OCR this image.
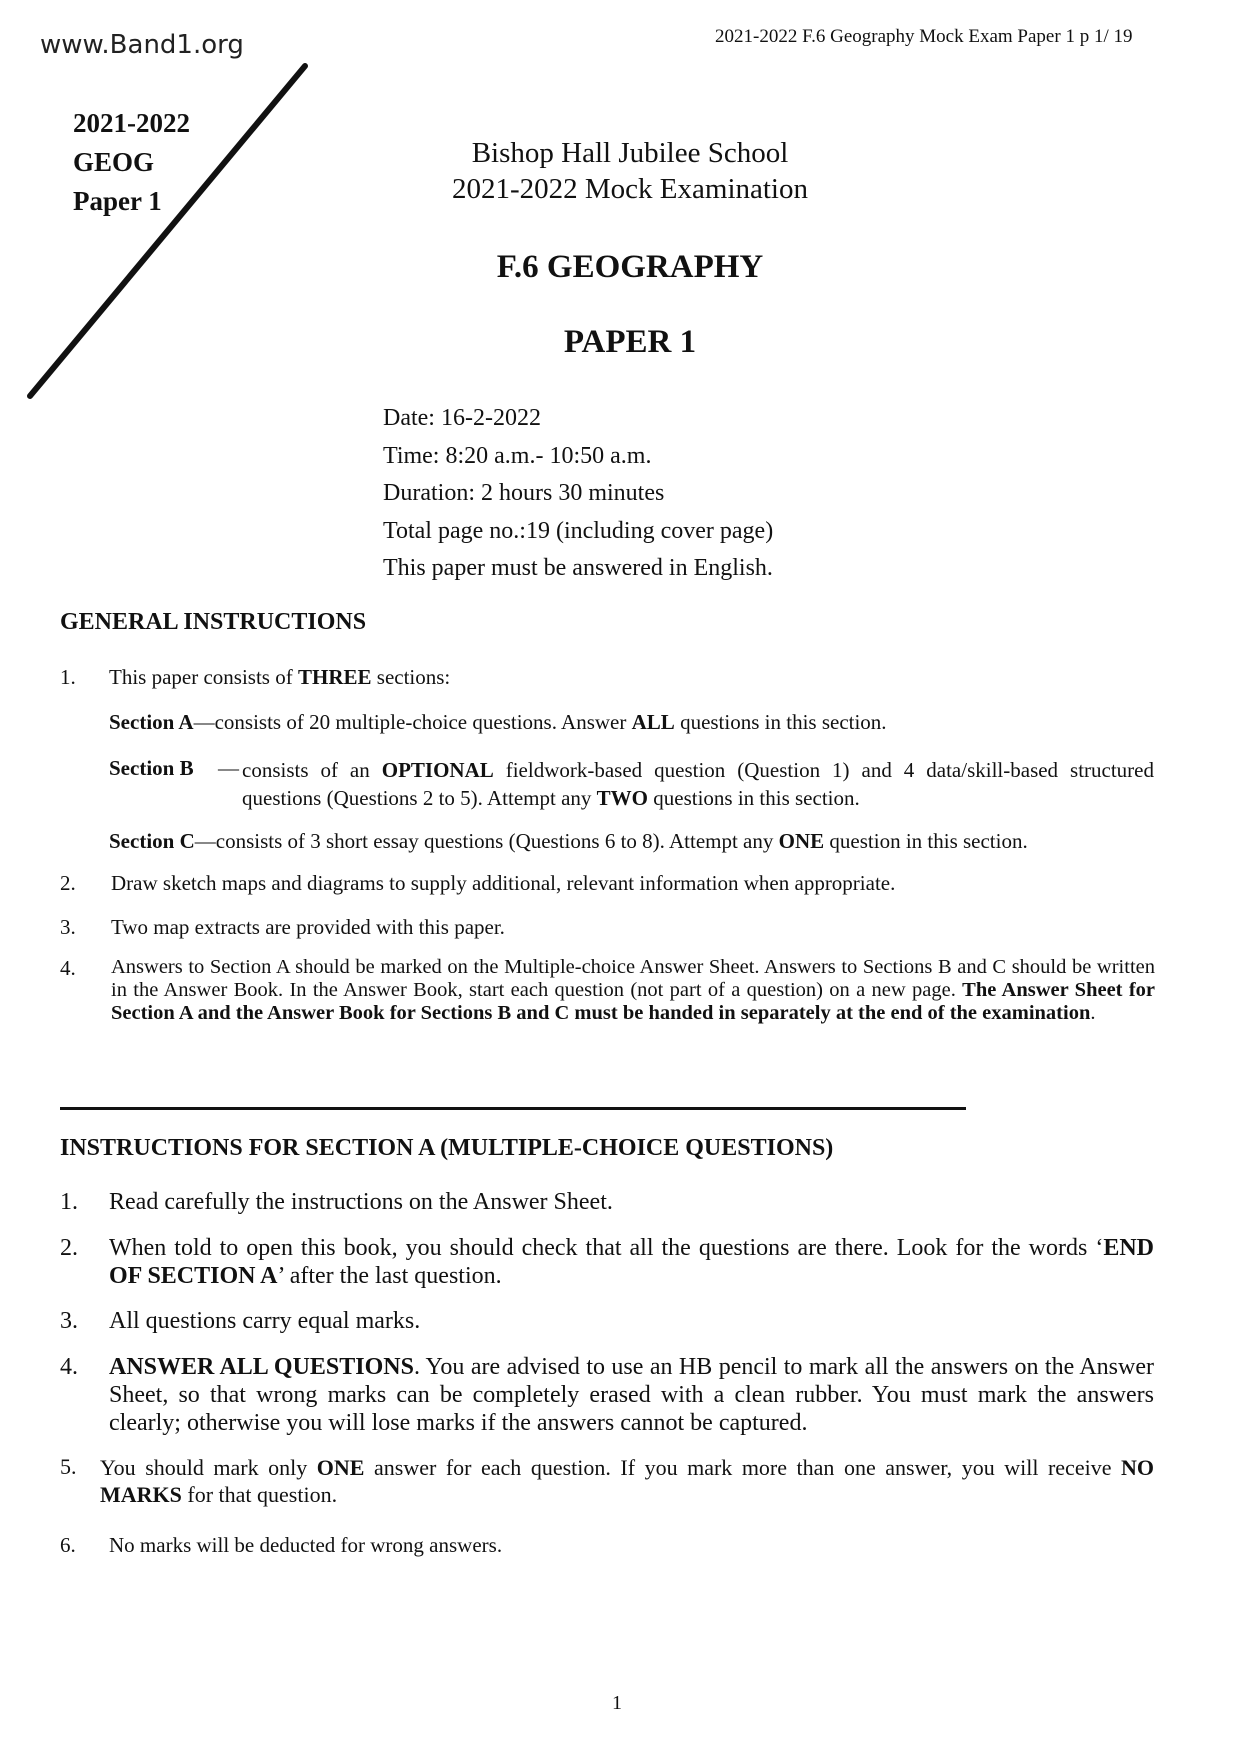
www.Band1.org	2021-2022 F.6 Geography Mock Exam Paper 1 p 1/ 19
2021-2022
GEOG
Paper 1
Bishop Hall Jubilee School
2021-2022 Mock Examination
F.6 GEOGRAPHY
PAPER 1
Date: 16-2-2022
Time: 8:20 a.m.- 10:50 a.m.
Duration: 2 hours 30 minutes
Total page no.:19 (including cover page)
This paper must be answered in English.
GENERAL INSTRUCTIONS
1. This paper consists of THREE sections:
Section A—consists of 20 multiple-choice questions. Answer ALL questions in this section.
Section B — consists of an OPTIONAL fieldwork-based question (Question 1) and 4 data/skill-based structured questions (Questions 2 to 5). Attempt any TWO questions in this section.
Section C—consists of 3 short essay questions (Questions 6 to 8). Attempt any ONE question in this section.
2. Draw sketch maps and diagrams to supply additional, relevant information when appropriate.
3. Two map extracts are provided with this paper.
4. Answers to Section A should be marked on the Multiple-choice Answer Sheet. Answers to Sections B and C should be written in the Answer Book. In the Answer Book, start each question (not part of a question) on a new page. The Answer Sheet for Section A and the Answer Book for Sections B and C must be handed in separately at the end of the examination.
INSTRUCTIONS FOR SECTION A (MULTIPLE-CHOICE QUESTIONS)
1. Read carefully the instructions on the Answer Sheet.
2. When told to open this book, you should check that all the questions are there. Look for the words ‘END OF SECTION A’ after the last question.
3. All questions carry equal marks.
4. ANSWER ALL QUESTIONS. You are advised to use an HB pencil to mark all the answers on the Answer Sheet, so that wrong marks can be completely erased with a clean rubber. You must mark the answers clearly; otherwise you will lose marks if the answers cannot be captured.
5. You should mark only ONE answer for each question. If you mark more than one answer, you will receive NO MARKS for that question.
6. No marks will be deducted for wrong answers.
1
